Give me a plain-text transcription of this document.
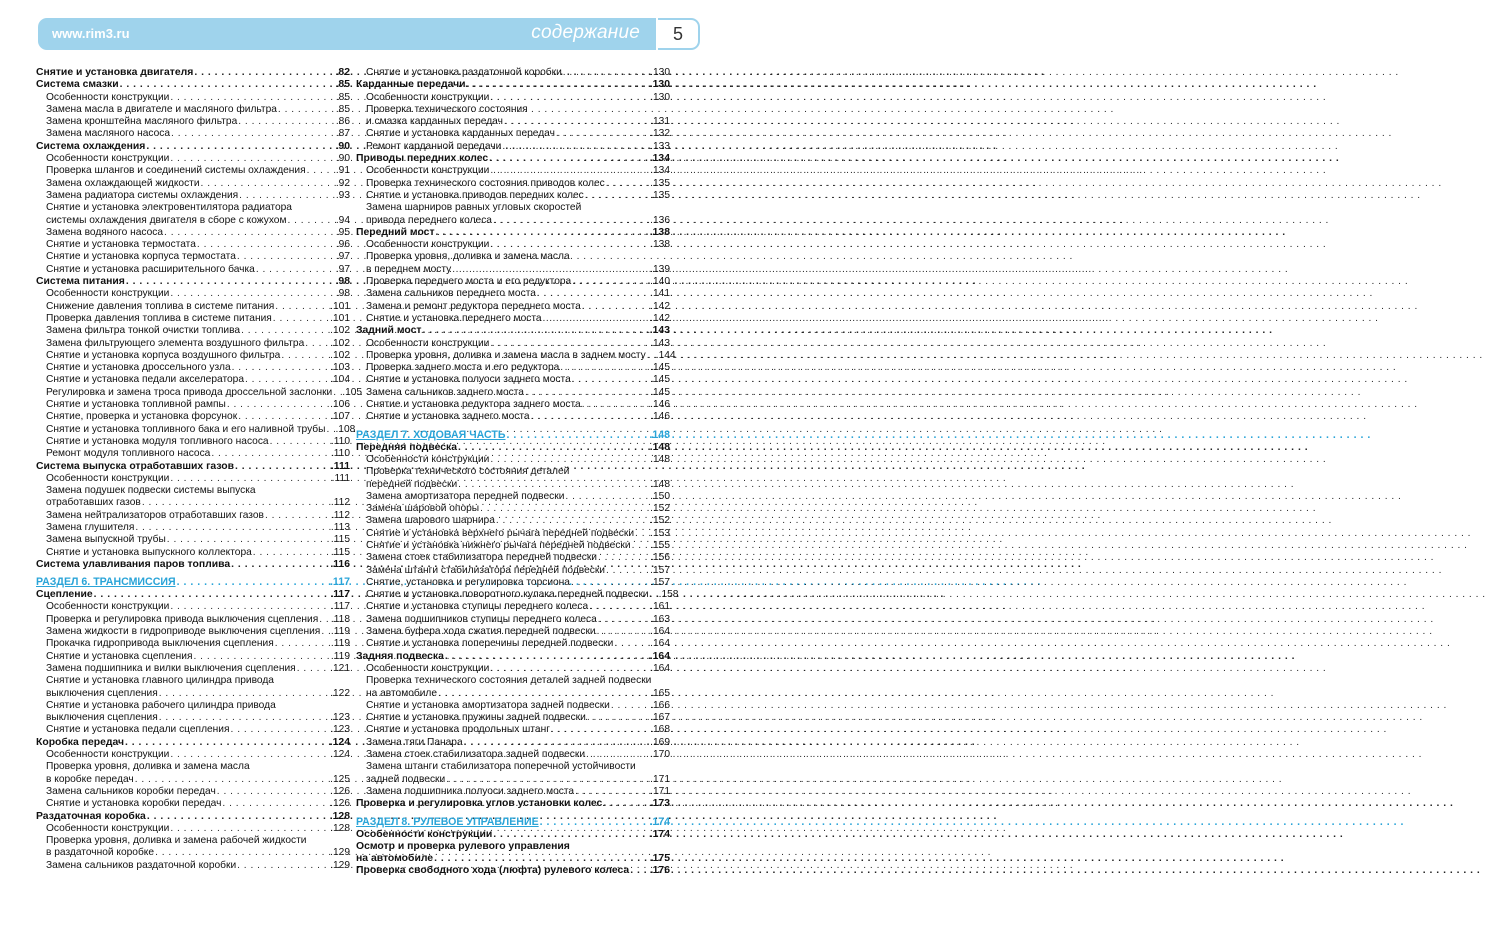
www.rim3.ru	содержание	5
Снятие и установка двигателя . . .	.82
Система смазки . . .	.85
Особенности конструкции . . .	.85
Замена масла в двигателе и масляного фильтра . . .	.85
Замена кронштейна масляного фильтра . . .	.86
Замена масляного насоса . . .	.87
Система охлаждения . . .	.90
Особенности конструкции . . .	.90
Проверка шлангов и соединений системы охлаждения . . .	.91
Замена охлаждающей жидкости . . .	.92
Замена радиатора системы охлаждения . . .	.93
Снятие и установка электровентилятора радиатора
системы охлаждения двигателя в сборе с кожухом . . .	.94
Замена водяного насоса . . .	.95
Снятие и установка термостата . . .	.96
Снятие и установка корпуса термостата . . .	.97
Снятие и установка расширительного бачка . . .	.97
Система питания . . .	.98
Особенности конструкции . . .	.98
Снижение давления топлива в системе питания . . .	.101
Проверка давления топлива в системе питания . . .	.101
Замена фильтра тонкой очистки топлива . . .	.102
Замена фильтрующего элемента воздушного фильтра . . .	.102
Снятие и установка корпуса воздушного фильтра . . .	.102
Снятие и установка дроссельного узла . . .	.103
Снятие и установка педали акселератора . . .	.104
Регулировка и замена троса привода дроссельной заслонки . . . .105
Снятие и установка топливной рампы . . .	.106
Снятие, проверка и установка форсунок . . .	.107
Снятие и установка топливного бака и его наливной трубы . . . .108
Снятие и установка модуля топливного насоса . . .	.110
Ремонт модуля топливного насоса . . .	.110
Система выпуска отработавших газов . . .	.111
Особенности конструкции . . .	.111
Замена подушек подвески системы выпуска
отработавших газов . . .	.112
Замена нейтрализаторов отработавших газов . . .	.112
Замена глушителя . . .	.113
Замена выпускной трубы . . .	.115
Снятие и установка выпускного коллектора . . .	.115
Система улавливания паров топлива . . .	.116
РАЗДЕЛ 6. ТРАНСМИССИЯ . . .	.117
Сцепление . . .	.117
Особенности конструкции . . .	.117
Проверка и регулировка привода выключения сцепления . . . .118
Замена жидкости в гидроприводе выключения сцепления . . . .119
Прокачка гидропривода выключения сцепления . . .	.119
Снятие и установка сцепления . . .	.119
Замена подшипника и вилки выключения сцепления . . .	.121
Снятие и установка главного цилиндра привода
выключения сцепления . . .	.122
Снятие и установка рабочего цилиндра привода
выключения сцепления . . .	.123
Снятие и установка педали сцепления . . .	.123
Коробка передач . . .	.124
Особенности конструкции . . .	.124
Проверка уровня, доливка и замена масла
в коробке передач . . .	.125
Замена сальников коробки передач . . .	.126
Снятие и установка коробки передач . . .	.126
Раздаточная коробка . . .	.128
Особенности конструкции . . .	.128
Проверка уровня, доливка и замена рабочей жидкости
в раздаточной коробке . . .	.129
Замена сальников раздаточной коробки . . .	.129
Снятие и установка раздаточной коробки . . .	.130
Карданные передачи . . .	.130
Особенности конструкции . . .	.130
Проверка технического состояния
и смазка карданных передач . . .	.131
Снятие и установка карданных передач . . .	.132
Ремонт карданной передачи . . .	.133
Приводы передних колес . . .	.134
Особенности конструкции . . .	.134
Проверка технического состояния приводов колес . . .	.135
Снятие и установка приводов передних колес . . .	.135
Замена шарниров равных угловых скоростей
привода переднего колеса . . .	.136
Передний мост . . .	.138
Особенности конструкции . . .	.138
Проверка уровня, доливка и замена масла
в переднем мосту . . .	.139
Проверка переднего моста и его редуктора . . .	.140
Замена сальников переднего моста . . .	.141
Замена и ремонт редуктора переднего моста . . .	.142
Снятие и установка переднего моста . . .	.142
Задний мост . . .	.143
Особенности конструкции . . .	.143
Проверка уровня, доливка и замена масла в заднем мосту . . . .144
Проверка заднего моста и его редуктора . . .	.145
Снятие и установка полуоси заднего моста . . .	.145
Замена сальников заднего моста . . .	.145
Снятие и установка редуктора заднего моста . . .	.146
Снятие и установка заднего моста . . .	.146
РАЗДЕЛ 7. ХОДОВАЯ ЧАСТЬ . . .	.148
Передняя подвеска . . .	.148
Особенности конструкции . . .	.148
Проверка технического состояния деталей
передней подвески . . .	.148
Замена амортизатора передней подвески . . .	.150
Замена шаровой опоры . . .	.152
Замена шарового шарнира . . .	.152
Снятие и установка верхнего рычага передней подвески . . . .153
Снятие и установка нижнего рычага передней подвески . . . .155
Замена стоек стабилизатора передней подвески . . .	.156
Замена штанги стабилизатора передней подвески . . .	.157
Снятие, установка и регулировка торсиона . . .	.157
Снятие и установка поворотного кулака передней подвески . . . .158
Снятие и установка ступицы переднего колеса . . .	.161
Замена подшипников ступицы переднего колеса . . .	.163
Замена буфера хода сжатия передней подвески . . .	.164
Снятие и установка поперечины передней подвески . . .	.164
Задняя подвеска . . .	.164
Особенности конструкции . . .	.164
Проверка технического состояния деталей задней подвески
на автомобиле . . .	.165
Снятие и установка амортизатора задней подвески . . .	.166
Снятие и установка пружины задней подвески . . .	.167
Снятие и установка продольных штанг . . .	.168
Замена тяги Панара . . .	.169
Замена стоек стабилизатора задней подвески . . .	.170
Замена штанги стабилизатора поперечной устойчивости
задней подвески . . .	.171
Замена подшипника полуоси заднего моста . . .	.171
Проверка и регулировка углов установки колес . . .	.173
РАЗДЕЛ 8. РУЛЕВОЕ УПРАВЛЕНИЕ . . .	.174
Особенности конструкции . . .	.174
Осмотр и проверка рулевого управления
на автомобиле . . .	.175
Проверка свободного хода (люфта) рулевого колеса . . . .176
